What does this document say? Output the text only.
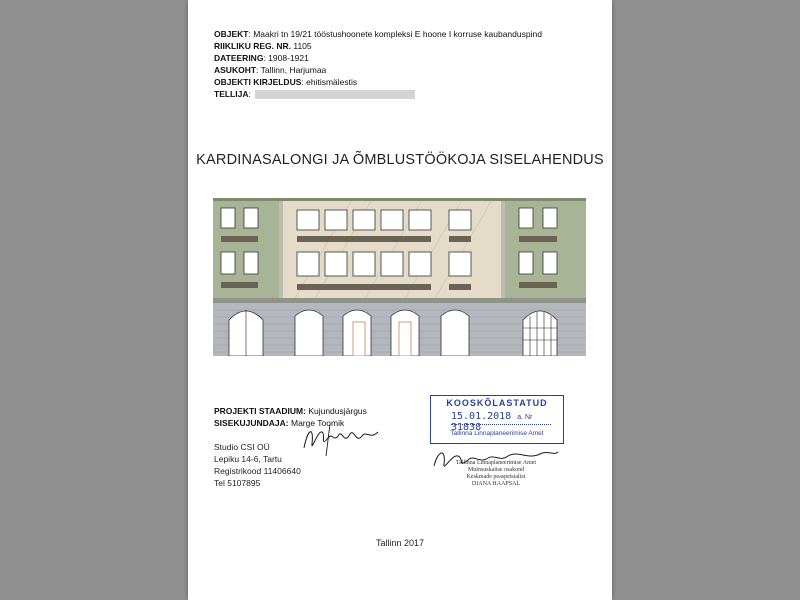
OBJEKT: Maakri tn 19/21 tööstushoonete kompleksi E hoone I korruse kaubanduspind
RIIKLIKU REG. NR. 1105
DATEERING: 1908-1921
ASUKOHT: Tallinn, Harjumaa
OBJEKTI KIRJELDUS: ehitismälestis
TELLIJA:
KARDINASALONGI JA ÕMBLUSTÖÖKOJA SISELAHENDUS
PROJEKTI STAADIUM: Kujundusjärgus
SISEKUJUNDAJA: Marge Toomik
Studio CSI OÜ
Lepiku 14-6, Tartu
Registrikood 11406640
Tel 5107895
KOOSKÕLASTATUD
15.01.2018 a. Nr 31838
Tallinna Linnaplaneerimise Amet
Tallinna Linnaplaneerimise Amet
Muinsuskaitse osakond
Keskmade peaspetsialist
DIANA HAAPSAL
Tallinn 2017
